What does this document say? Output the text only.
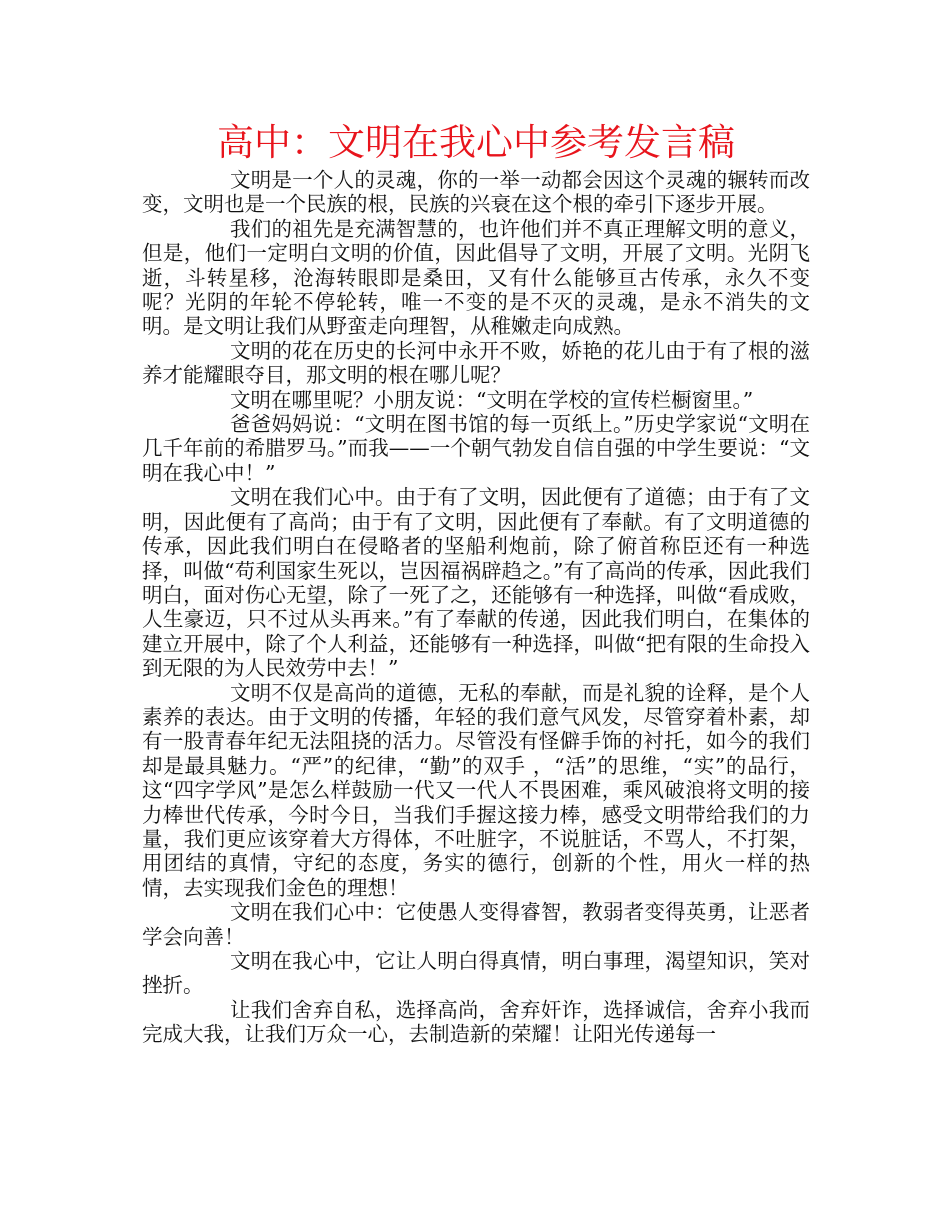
高中：文明在我心中参考发言稿

文明是一个人的灵魂，你的一举一动都会因这个灵魂的辗转而改变，文明也是一个民族的根，民族的兴衰在这个根的牵引下逐步开展。

我们的祖先是充满智慧的，也许他们并不真正理解文明的意义，但是，他们一定明白文明的价值，因此倡导了文明，开展了文明。光阴飞逝，斗转星移，沧海转眼即是桑田，又有什么能够亘古传承，永久不变呢？光阴的年轮不停轮转，唯一不变的是不灭的灵魂，是永不消失的文明。是文明让我们从野蛮走向理智，从稚嫩走向成熟。

文明的花在历史的长河中永开不败，娇艳的花儿由于有了根的滋养才能耀眼夺目，那文明的根在哪儿呢？

文明在哪里呢？小朋友说：“文明在学校的宣传栏橱窗里。”

爸爸妈妈说：“文明在图书馆的每一页纸上。”历史学家说“文明在几千年前的希腊罗马。”而我——一个朝气勃发自信自强的中学生要说：“文明在我心中！”

文明在我们心中。由于有了文明，因此便有了道德；由于有了文明，因此便有了高尚；由于有了文明，因此便有了奉献。有了文明道德的传承，因此我们明白在侵略者的坚船利炮前，除了俯首称臣还有一种选择，叫做“苟利国家生死以，岂因福祸辟趋之。”有了高尚的传承，因此我们明白，面对伤心无望，除了一死了之，还能够有一种选择，叫做“看成败，人生豪迈，只不过从头再来。”有了奉献的传递，因此我们明白，在集体的建立开展中，除了个人利益，还能够有一种选择，叫做“把有限的生命投入到无限的为人民效劳中去！”

文明不仅是高尚的道德，无私的奉献，而是礼貌的诠释，是个人素养的表达。由于文明的传播，年轻的我们意气风发，尽管穿着朴素，却有一股青春年纪无法阻挠的活力。尽管没有怪僻手饰的衬托，如今的我们却是最具魅力。“严”的纪律，“勤”的双手 ，“活”的思维，“实”的品行，这“四字学风”是怎么样鼓励一代又一代人不畏困难，乘风破浪将文明的接力棒世代传承，今时今日，当我们手握这接力棒，感受文明带给我们的力量，我们更应该穿着大方得体，不吐脏字，不说脏话，不骂人，不打架，用团结的真情，守纪的态度，务实的德行，创新的个性，用火一样的热情，去实现我们金色的理想！

文明在我们心中：它使愚人变得睿智，教弱者变得英勇，让恶者学会向善！

文明在我心中，它让人明白得真情，明白事理，渴望知识，笑对挫折。

让我们舍弃自私，选择高尚，舍弃奸诈，选择诚信，舍弃小我而完成大我，让我们万众一心，去制造新的荣耀！让阳光传递每一
